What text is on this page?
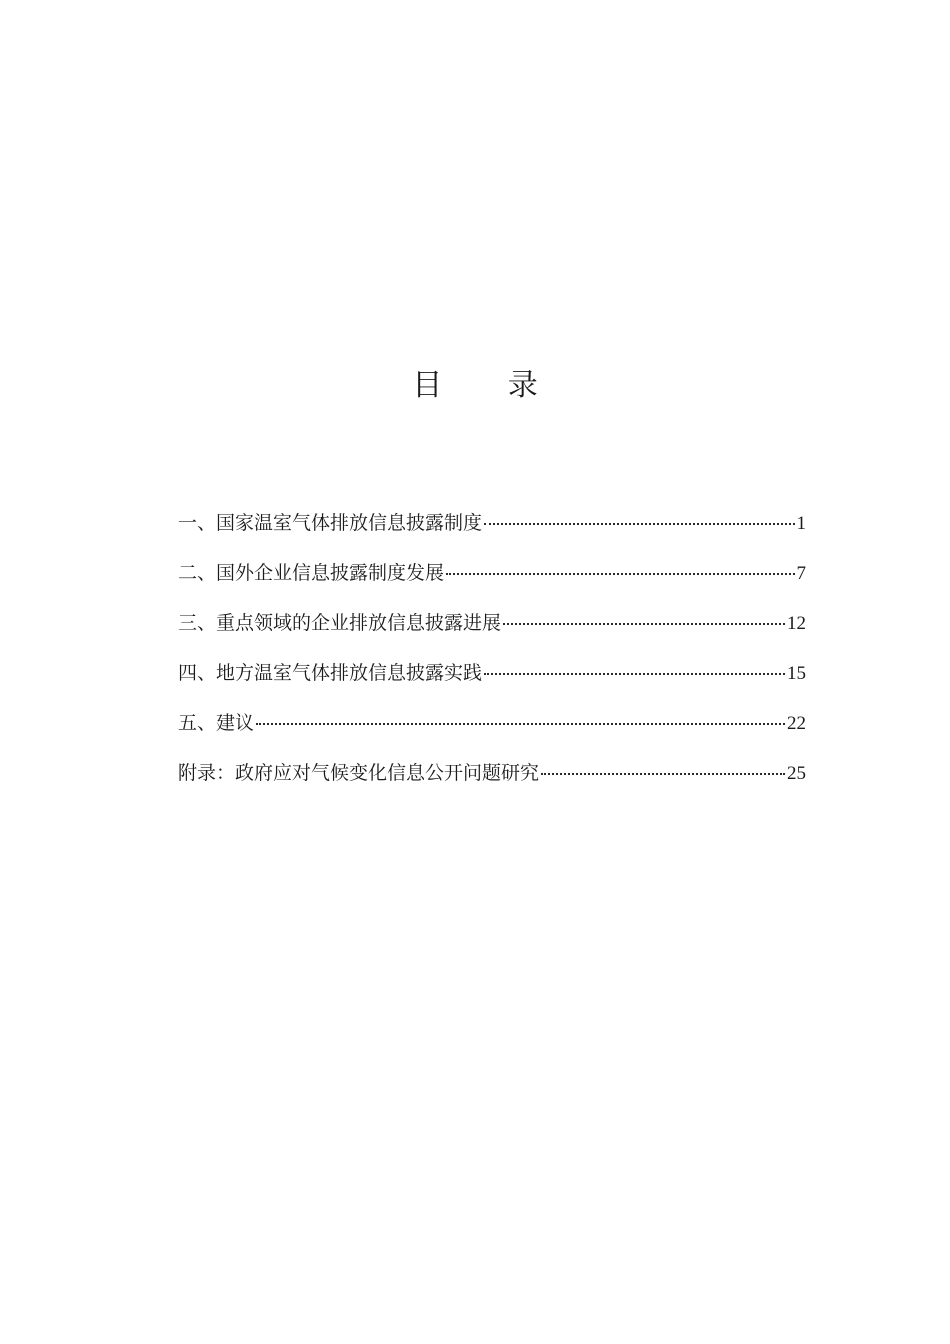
目 录
一、国家温室气体排放信息披露制度	1
二、国外企业信息披露制度发展	7
三、重点领域的企业排放信息披露进展	12
四、地方温室气体排放信息披露实践	15
五、建议	22
附录：政府应对气候变化信息公开问题研究	25
